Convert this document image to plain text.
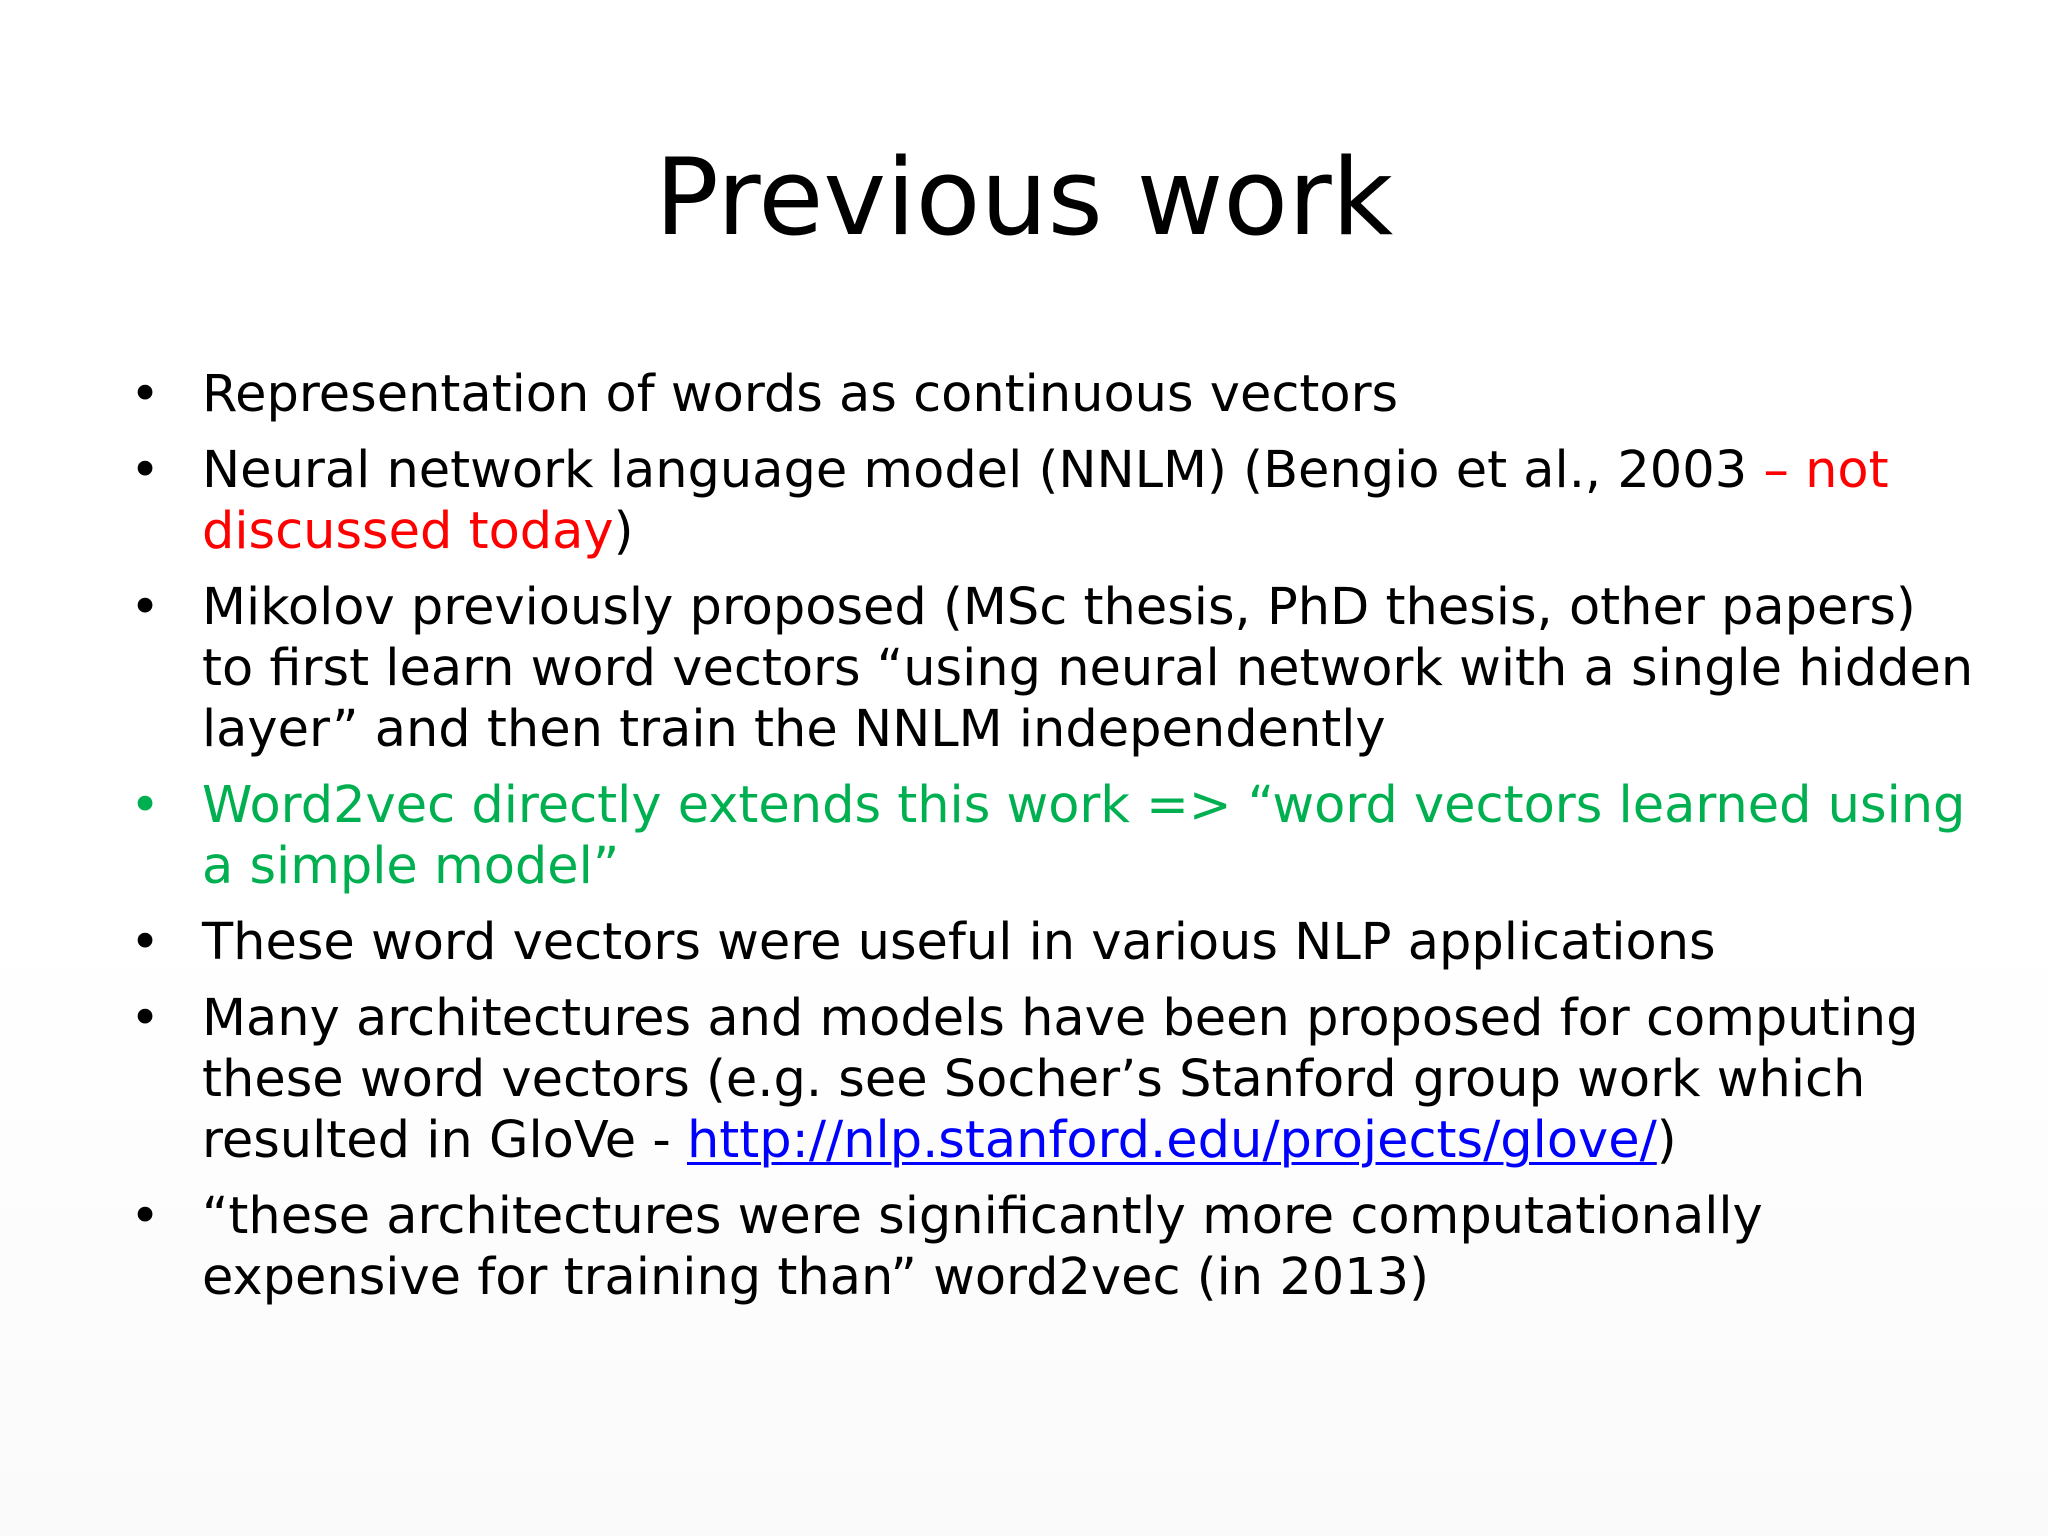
Previous work
• Representation of words as continuous vectors
• Neural network language model (NNLM) (Bengio et al., 2003 – not discussed today)
• Mikolov previously proposed (MSc thesis, PhD thesis, other papers) to first learn word vectors “using neural network with a single hidden layer” and then train the NNLM independently
• Word2vec directly extends this work => “word vectors learned using a simple model”
• These word vectors were useful in various NLP applications
• Many architectures and models have been proposed for computing these word vectors (e.g. see Socher’s Stanford group work which resulted in GloVe - http://nlp.stanford.edu/projects/glove/)
• “these architectures were significantly more computationally expensive for training than” word2vec (in 2013)
